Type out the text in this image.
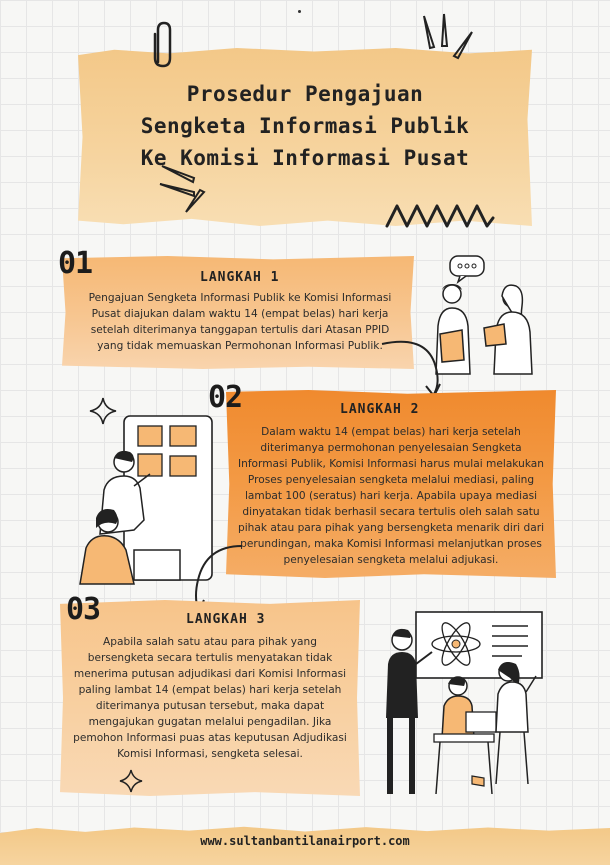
Prosedur Pengajuan
Sengketa Informasi Publik
Ke Komisi Informasi Pusat
01	LANGKAH 1
Pengajuan Sengketa Informasi Publik ke Komisi Informasi Pusat diajukan dalam waktu 14 (empat belas) hari kerja setelah diterimanya tanggapan tertulis dari Atasan PPID yang tidak memuaskan Permohonan Informasi Publik.
02	LANGKAH 2
Dalam waktu 14 (empat belas) hari kerja setelah diterimanya permohonan penyelesaian Sengketa Informasi Publik, Komisi Informasi harus mulai melakukan Proses penyelesaian sengketa melalui mediasi, paling lambat 100 (seratus) hari kerja. Apabila upaya mediasi dinyatakan tidak berhasil secara tertulis oleh salah satu pihak atau para pihak yang bersengketa menarik diri dari perundingan, maka Komisi Informasi melanjutkan proses penyelesaian sengketa melalui adjukasi.
03	LANGKAH 3
Apabila salah satu atau para pihak yang bersengketa secara tertulis menyatakan tidak menerima putusan adjudikasi dari Komisi Informasi paling lambat 14 (empat belas) hari kerja setelah diterimanya putusan tersebut, maka dapat mengajukan gugatan melalui pengadilan. Jika pemohon Informasi puas atas keputusan Adjudikasi Komisi Informasi, sengketa selesai.
www.sultanbantilanairport.com
